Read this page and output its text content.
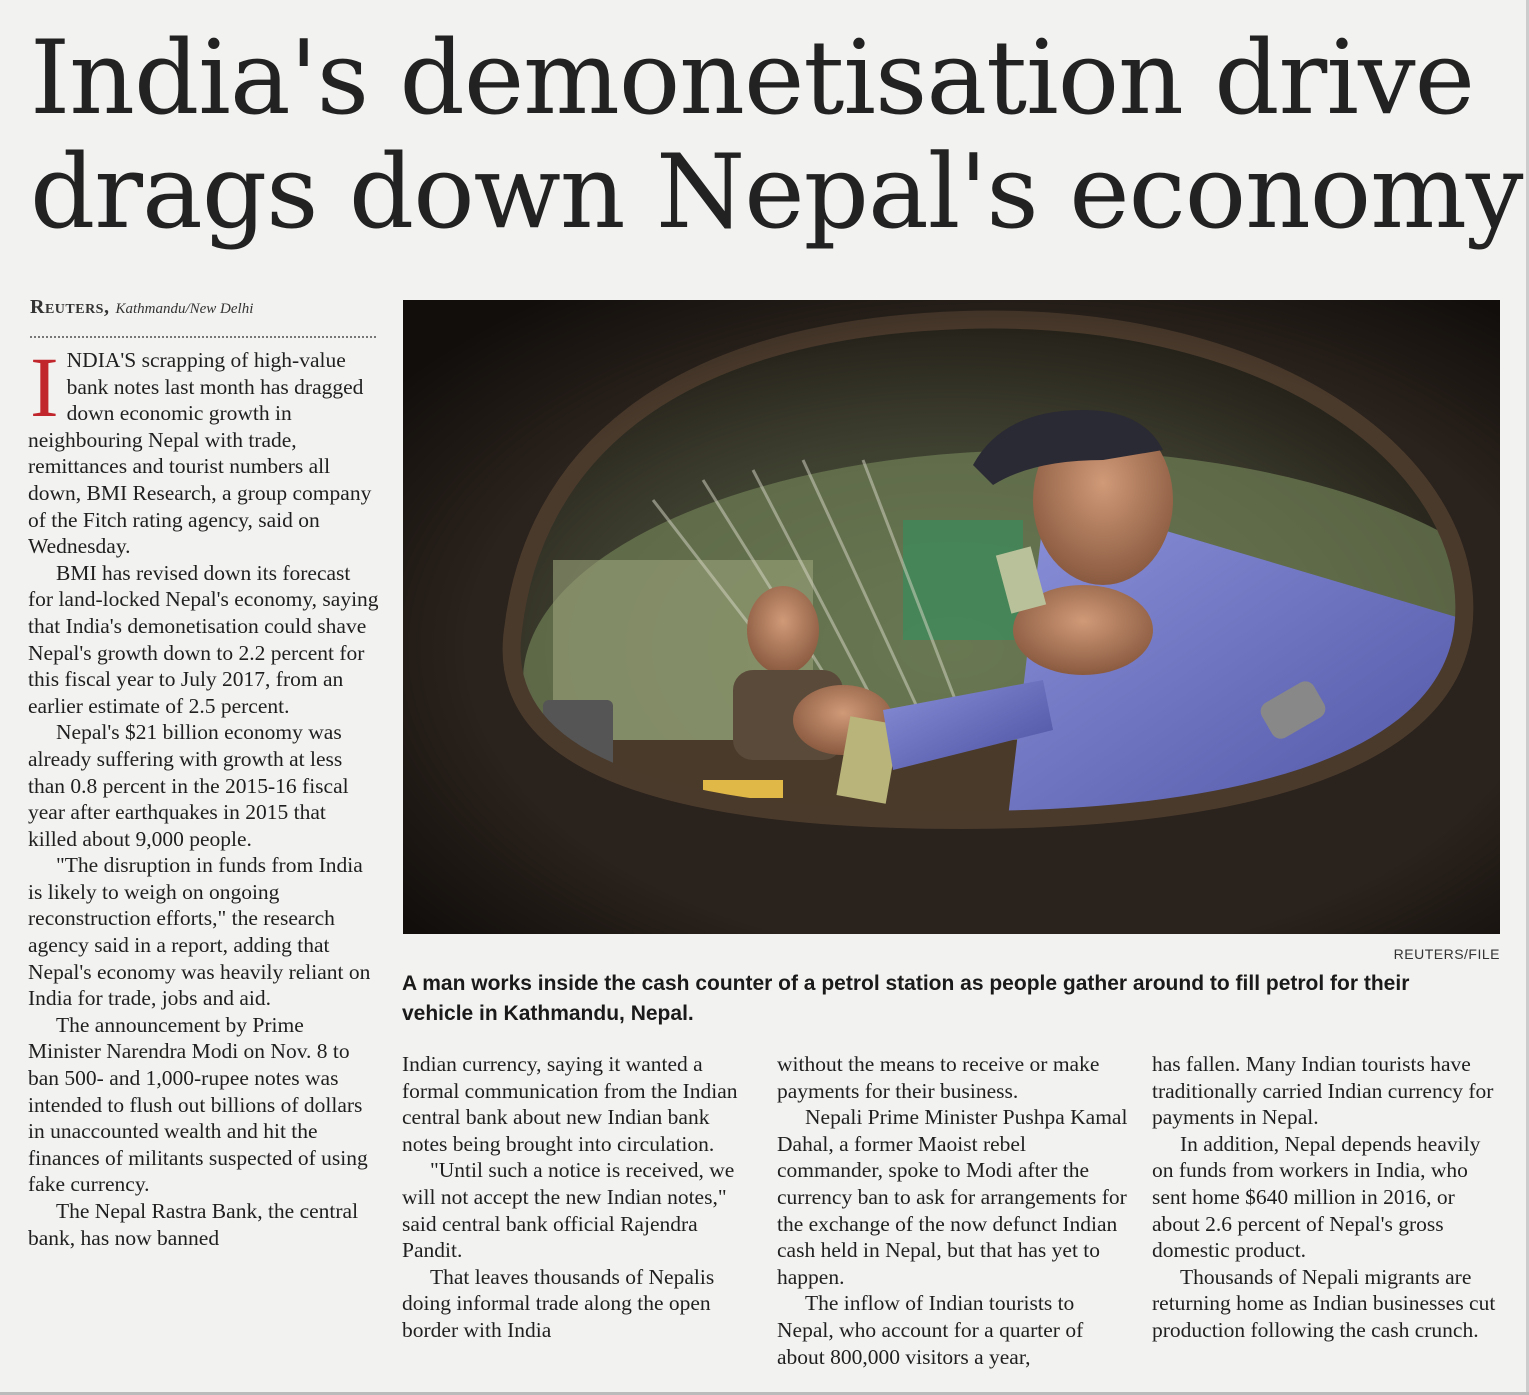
India's demonetisation drive
drags down Nepal's economy
Reuters, Kathmandu/New Delhi

INDIA'S scrapping of high-value bank notes last month has dragged down economic growth in neighbouring Nepal with trade, remittances and tourist numbers all down, BMI Research, a group company of the Fitch rating agency, said on Wednesday.

BMI has revised down its forecast for land-locked Nepal's economy, saying that India's demonetisation could shave Nepal's growth down to 2.2 percent for this fiscal year to July 2017, from an earlier estimate of 2.5 percent.

Nepal's $21 billion economy was already suffering with growth at less than 0.8 percent in the 2015-16 fiscal year after earthquakes in 2015 that killed about 9,000 people.

"The disruption in funds from India is likely to weigh on ongoing reconstruction efforts," the research agency said in a report, adding that Nepal's economy was heavily reliant on India for trade, jobs and aid.

The announcement by Prime Minister Narendra Modi on Nov. 8 to ban 500- and 1,000-rupee notes was intended to flush out billions of dollars in unaccounted wealth and hit the finances of militants suspected of using fake currency.

The Nepal Rastra Bank, the central bank, has now banned

REUTERS/FILE
A man works inside the cash counter of a petrol station as people gather around to fill petrol for their vehicle in Kathmandu, Nepal.

Indian currency, saying it wanted a formal communication from the Indian central bank about new Indian bank notes being brought into circulation.

"Until such a notice is received, we will not accept the new Indian notes," said central bank official Rajendra Pandit.

That leaves thousands of Nepalis doing informal trade along the open border with India

without the means to receive or make payments for their business.

Nepali Prime Minister Pushpa Kamal Dahal, a former Maoist rebel commander, spoke to Modi after the currency ban to ask for arrangements for the exchange of the now defunct Indian cash held in Nepal, but that has yet to happen.

The inflow of Indian tourists to Nepal, who account for a quarter of about 800,000 visitors a year,

has fallen. Many Indian tourists have traditionally carried Indian currency for payments in Nepal.

In addition, Nepal depends heavily on funds from workers in India, who sent home $640 million in 2016, or about 2.6 percent of Nepal's gross domestic product.

Thousands of Nepali migrants are returning home as Indian businesses cut production following the cash crunch.
